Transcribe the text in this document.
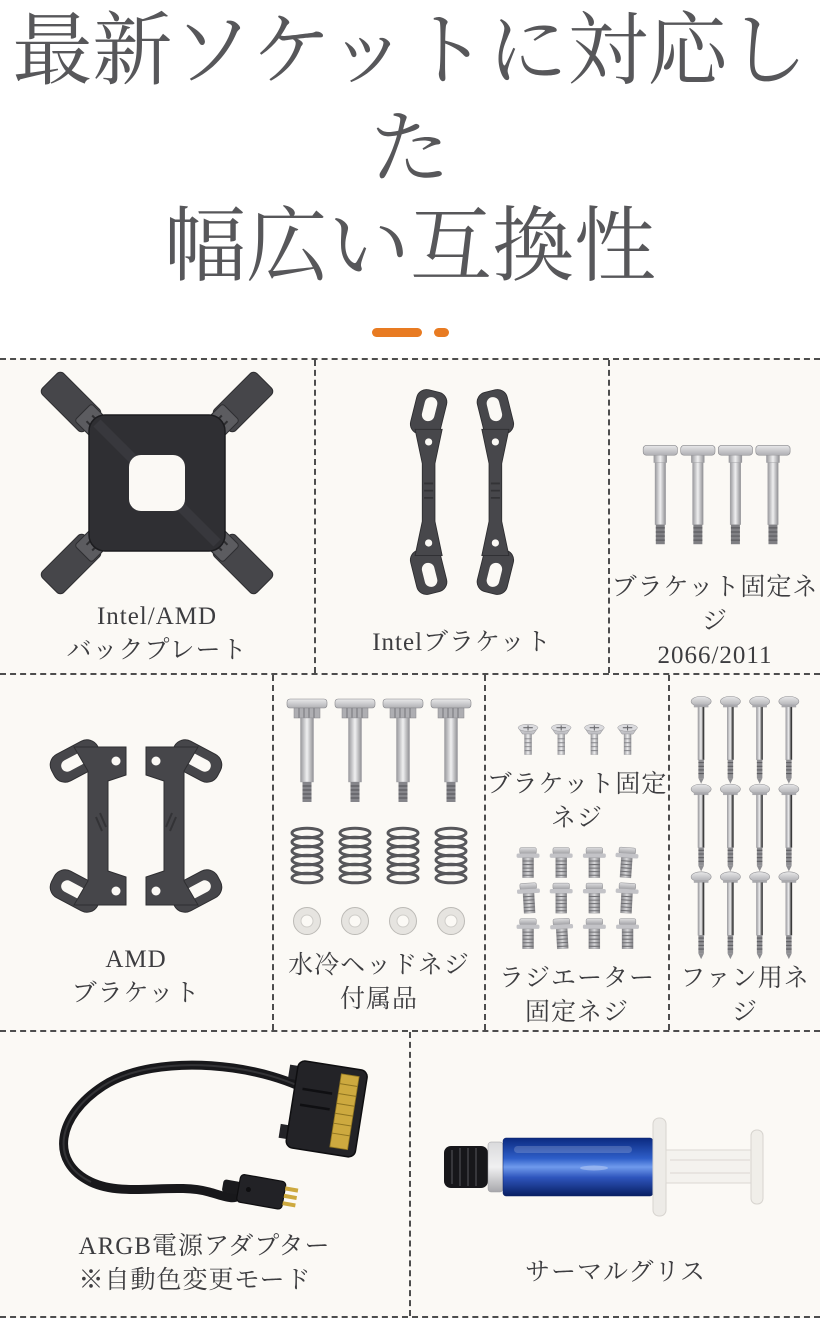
最新ソケットに対応した
幅広い互換性
Intel/AMD
バックプレート	Intelブラケット
ブラケット固定ネジ
2066/2011
AMD
ブラケット
水冷ヘッドネジ
付属品
ブラケット固定ネジ
ラジエーター
固定ネジ
ファン用ネジ
ARGB電源アダプター
※自動色変更モード	サーマルグリス
